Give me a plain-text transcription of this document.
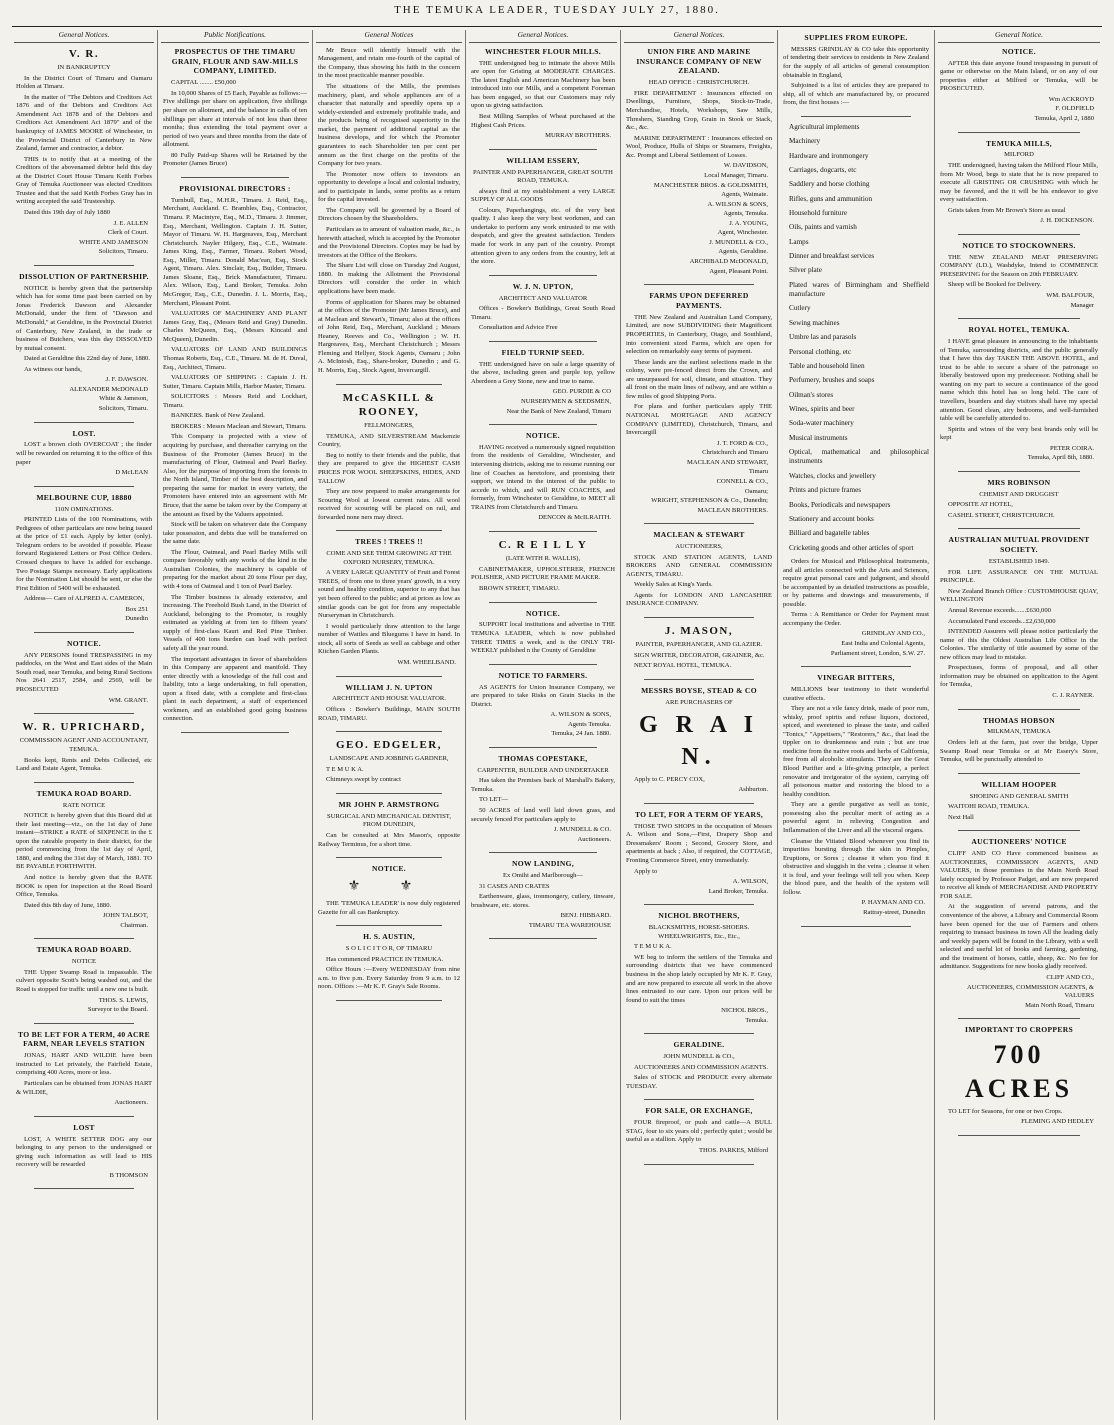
THE TEMUKA LEADER, TUESDAY JULY 27, 1880.
General Notices.
V. R.
IN BANKRUPTCY
In the District Court of Timaru and Oamaru Holden at Timaru.
In the matter of "The Debtors and Creditors Act 1876 and of the Debtors and Creditors Act Amendment Act 1878 and of the Debtors and Creditors Act Amendment Act 1879" and of the bankruptcy of JAMES MOORE of Winchester, in the Provincial District of Canterbury in New Zealand, farmer and contractor, a debtor.
THIS is to notify that at a meeting of the Creditors of the abovenamed debtor held this day at the District Court House Timaru Keith Forbes Gray of Temuka Auctioneer was elected Creditors Trustee and that the said Keith Forbes Gray has in writing accepted the said Trusteeship.
Dated this 19th day of July 1880
J. E. ALLEN
Clerk of Court.
WHITE AND JAMESON
Solicitors, Timaru.
DISSOLUTION OF PARTNERSHIP.
NOTICE is hereby given that the partnership which has for some time past been carried on by Jonas Frederick Dawson and Alexander McDonald, under the firm of "Dawson and McDonald," at Geraldine, in the Provincial District of Canterbury, New Zealand, in the trade or business of Butchers, was this day DISSOLVED by mutual consent.
Dated at Geraldine this 22nd day of June, 1880.
As witness our hands,
J. F. DAWSON.
ALEXANDER McDONALD
White & Jameson,
Solicitors, Timaru.
LOST.
LOST a brown cloth OVERCOAT ; the finder will be rewarded on returning it to the office of this paper
D McLEAN
MELBOURNE CUP, 18880
110N OMINATIONS.
PRINTED Lists of the 100 Nominations, with Pedigrees of other particulars are now being issued at the price of £1 each. Apply by letter (only). Telegram orders to be avoided if possible. Please forward Registered Letters or Post Office Orders. Crossed cheques to have 1s added for exchange. Two Postage Stamps necessary. Early applications for the Nomination List should be sent, or else the First Edition of 5400 will be exhausted.
Address— Care of ALFRED A. CAMERON,
Box 251
Dunedin
NOTICE.
ANY PERSONS found TRESPASSING in my paddocks, on the West and East sides of the Main South road, near Temuka, and being Rural Sections Nos 2641 2517, 2584, and 2569, will be PROSECUTED
WM. GRANT.
W. R. UPRICHARD,
COMMISSION AGENT AND ACCOUNTANT, TEMUKA.
Books kept, Rents and Debts Collected, etc Land and Estate Agent, Temuka.
TEMUKA ROAD BOARD.
RATE NOTICE
NOTICE is hereby given that this Board did at their last meeting—viz., on the 1st day of June instant—STRIKE a RATE of SIXPENCE in the £ upon the rateable property in their district, for the period commencing from the 1st day of April, 1880, and ending the 31st day of March, 1881. TO BE PAYABLE FORTHWITH.
And notice is hereby given that the RATE BOOK is open for inspection at the Road Board Office, Temuka.
Dated this 8th day of June, 1880.
JOHN TALBOT,
Chairman.
TEMUKA ROAD BOARD.
NOTICE
THE Upper Swamp Road is impassable. The culvert opposite Scott's being washed out, and the Road is stopped for traffic until a new one is built.
THOS. S. LEWIS,
Surveyor to the Board.
TO BE LET FOR A TERM, 40 ACRE FARM, NEAR LEVELS STATION
JONAS, HART AND WILDIE have been instructed to Let privately, the Fairfield Estate, comprising 400 Acres, more or less.
Particulars can be obtained from JONAS HART & WILDIE,
Auctioneers.
LOST
LOST, A WHITE SETTER DOG any our belonging to any person to the undersigned or giving such information as will lead to HIS recovery will be rewarded
B THOMSON
Public Notifications.
PROSPECTUS OF THE TIMARU GRAIN, FLOUR AND SAW-MILLS COMPANY, LIMITED.
CAPITAL ........ £50,000
In 10,000 Shares of £5 Each, Payable as follows:—Five shillings per share on application, five shillings per share on allotment, and the balance in calls of ten shillings per share at intervals of not less than three months; thus extending the total payment over a period of two years and three months from the date of allotment.
80 Fully Paid-up Shares will be Retained by the Promoter (James Bruce)
PROVISIONAL DIRECTORS :
Turnbull, Esq., M.H.R., Timaru. J. Reid, Esq., Merchant, Auckland. C. Brambles, Esq., Contractor, Timaru. P. Macintyre, Esq., M.D., Timaru. J. Jimmer, Esq., Merchant, Wellington. Captain J. H. Sutter, Mayor of Timaru. W. H. Hargreaves, Esq., Merchant Christchurch. Nayler Hilgery, Esq., C.E., Waimate. James King, Esq., Farmer, Timaru. Robert Wood, Esq., Miller, Timaru. Donald Mac'ean, Esq., Stock Agent, Timaru. Alex. Sinclair, Esq., Builder, Timaru. James Sloane, Esq., Brick Manufacturer, Timaru. Alex. Wilson, Esq., Land Broker, Temuka. John McGregor, Esq., C.E., Dunedin. J. L. Morris, Esq., Merchant, Pleasant Point.
VALUATORS OF MACHINERY AND PLANT James Gray, Esq., (Messrs Reid and Gray) Dunedin. Charles McQueen, Esq., (Messrs Kincaid and McQueen), Dunedin.
VALUATORS OF LAND AND BUILDINGS Thomas Roberts, Esq., C.E., Timaru. M. de H. Duval, Esq., Architect, Timaru.
VALUATORS OF SHIPPING : Captain J. H. Sutter, Timaru. Captain Mills, Harbor Master, Timaru.
SOLICITORS : Messrs Reid and Lockhart, Timaru.
BANKERS. Bank of New Zealand.
BROKERS : Messrs Maclean and Stewart, Timaru.
This Company is projected with a view of acquiring by purchase, and thereafter carrying on the Business of the Promoter (James Bruce) in the manufacturing of Flour, Oatmeal and Pearl Barley. Also, for the purpose of importing from the forests in the North Island, Timber of the best description, and preparing the same for market in every variety, the Promoters have entered into an agreement with Mr Bruce, that the same be taken over by the Company at the amount as fixed by the Valuers appointed.
Stock will be taken on whatever date the Company take possession, and debts due will be transferred on the same date.
The Flour, Oatmeal, and Pearl Barley Mills will compare favorably with any works of the kind in the Australian Colonies, the machinery is capable of preparing for the market about 20 tons Flour per day, with 4 tons of Oatmeal and 1 ton of Pearl Barley.
The Timber business is already extensive, and increasing. The Freehold Bush Land, in the District of Auckland, belonging to the Promoter, is roughly estimated as yielding at from ten to fifteen years' supply of first-class Kauri and Red Pine Timber. Vessels of 400 tons burden can load with perfect safety all the year round.
The important advantages in favor of shareholders in this Company are apparent and manifold. They enter directly with a knowledge of the full cost and liability, into a large undertaking, in full operation, upon a fixed date, with a complete and first-class plant in each department, a staff of experienced workmen, and an established good going business connection.
General Notices
Mr Bruce will identify himself with the Management, and retain one-fourth of the capital of the Company, thus showing his faith in the concern in the most practicable manner possible.
The situations of the Mills, the premises machinery, plant, and whole appliances are of a character that naturally and speedily opens up a widely-extended and extremely profitable trade, and the products being of recognised superiority in the market, the payment of additional capital as the business develops, and for which the Promoter guarantees to each Shareholder ten per cent per annum as the first charge on the profits of the Company for two years.
The Promoter now offers to investors an opportunity to develope a local and colonial industry, and to participate in lands, some profits as a return for the capital invested.
The Company will be governed by a Board of Directors chosen by the Shareholders.
Particulars as to amount of valuation made, &c., is herewith attached, which is accepted by the Promoter and the Provisional Directors. Copies may be had by investors at the Office of the Brokers.
The Share List will close on Tuesday 2nd August, 1880. In making the Allotment the Provisional Directors will consider the order in which applications have been made.
Forms of application for Shares may be obtained at the offices of the Promoter (Mr James Bruce), and at Maclean and Stewart's, Timaru; also at the offices of John Reid, Esq., Merchant, Auckland ; Messrs Heaney, Reeves and Co., Wellington ; W. H. Hargreaves, Esq., Merchant Christchurch ; Messrs Fleming and Hellyer, Stock Agents, Oamaru ; John A. McIntosh, Esq., Share-broker, Dunedin ; and G. H. Morris, Esq., Stock Agent, Invercargill.
McCASKILL & ROONEY,
FELLMONGERS,
TEMUKA, AND SILVERSTREAM Mackenzie Country,
Beg to notify to their friends and the public, that they are prepared to give the HIGHEST CASH PRICES FOR WOOL SHEEPSKINS, HIDES, AND TALLOW
They are now prepared to make arrangements for Scouring Wool at lowest current rates. All wool received for scouring will be placed on rail, and forwarded none ners may direct.
TREES ! TREES !!
COME AND SEE THEM GROWING AT THE OXFORD NURSERY, TEMUKA.
A VERY LARGE QUANTITY of Fruit and Forest TREES, of from one to three years' growth, in a very sound and healthy condition, superior to any that has yet been offered to the public; and at prices as low as similar goods can be got for from any respectable Nurseryman in Christchurch.
I would particularly draw attention to the large number of Wattles and Bluegums I have in hand. In stock, all sorts of Seeds as well as cabbage and other Kitchen Garden Plants.
WM. WHEELBAND.
WILLIAM J. N. UPTON
ARCHITECT AND HOUSE VALUATOR.
Offices : Bowker's Buildings, MAIN SOUTH ROAD, TIMARU.
GEO. EDGELER,
LANDSCAPE AND JOBBING GARDNER,
T E M U K A.
Chimneys swept by contract
MR JOHN P. ARMSTRONG
SURGICAL AND MECHANICAL DENTIST, FROM DUNEDIN,
Can be consulted at Mrs Mason's, opposite Railway Terminus, for a short time.
NOTICE.
⚜ ⚜
THE 'TEMUKA LEADER' is now duly registered Gazette for all cas Bankruptcy.
H. S. AUSTIN,
S O L I C I T O R, OF TIMARU
Has commenced PRACTICE IN TEMUKA.
Office Hours :—Every WEDNESDAY from nine a.m. to five p.m. Every Saturday from 9 a.m. to 12 noon. Offices :—Mr K. F. Gray's Sale Rooms.
General Notices.
WINCHESTER FLOUR MILLS.
THE undersigned beg to intimate the above Mills are open for Gristing at MODERATE CHARGES. The latest English and American Machinery has been introduced into our Mills, and a competent Foreman has been engaged, so that our Customers may rely upon us giving satisfaction.
Best Milling Samples of Wheat purchased at the Highest Cash Prices.
MURRAY BROTHERS.
WILLIAM ESSERY,
PAINTER AND PAPERHANGER, GREAT SOUTH ROAD, TEMUKA.
always find at my establishment a very LARGE SUPPLY OF ALL GOODS
Colours, Paperhangings, etc. of the very best quality. I also keep the very best workmen, and can undertake to perform any work entrusted to me with despatch, and give the greatest satisfaction. Tenders made for work in any part of the country. Prompt attention given to any orders from the country, left at the store.
W. J. N. UPTON,
ARCHITECT AND VALUATOR
Offices - Bowker's Buildings, Great South Road Timaru.
Consultation and Advice Free
FIELD TURNIP SEED.
THE undersigned have on sale a large quantity of the above, including green and purple top, yellow Aberdeen a Grey Stone, new and true to name.
GEO. PURDIE & CO
NURSERYMEN & SEEDSMEN,
Near the Bank of New Zealand, Timaru
NOTICE.
HAVING received a numerously signed requisition from the residents of Geraldine, Winchester, and intervening districts, asking me to resume running our line of Coaches as heretofore, and promising their support, we intend in the interest of the public to accede to which, and will RUN COACHES, and formerly, from Winchester to Geraldine, to MEET all TRAINS from Christchurch and Timaru.
DENCON & McILRAITH.
C. R E I L L Y
(LATE WITH R. WALLIS),
CABINETMAKER, UPHOLSTERER, FRENCH POLISHER, AND PICTURE FRAME MAKER.
BROWN STREET, TIMARU.
NOTICE.
SUPPORT local institutions and advertise in THE TEMUKA LEADER, which is now published THREE TIMES a week, and is the ONLY TRI-WEEKLY published n the County of Geraldine
NOTICE TO FARMERS.
AS AGENTS for Union Insurance Company, we are prepared to take Risks on Grain Stacks in the District.
A. WILSON & SONS,
Agents Temuka.
Temuka, 24 Jan. 1880.
THOMAS COPESTAKE,
CARPENTER, BUILDER AND UNDERTAKER
Has taken the Premises back of Marshall's Bakery, Temuka.
TO LET—
50 ACRES of land well laid down grass, and securely fenced For particulars apply to
J. MUNDELL & CO.
Auctioneers.
NOW LANDING,
Ex Omihi and Marlborough—
31 CASES AND CRATES
Earthenware, glass, ironmongery, cutlery, tinware, brushware, etc. stores.
BENJ. HIBBARD.
TIMARU TEA WAREHOUSE
General Notices.
UNION FIRE AND MARINE INSURANCE COMPANY OF NEW ZEALAND.
HEAD OFFICE : CHRISTCHURCH.
FIRE DEPARTMENT : Insurances effected on Dwellings, Furniture, Shops, Stock-in-Trade, Merchandise, Hotels, Workshops, Saw Mills, Threshers, Standing Crop, Grain in Stook or Stack, &c., &c.
MARINE DEPARTMENT : Insurances effected on Wool, Produce, Hulls of Ships or Steamers, Freights, &c. Prompt and Liberal Settlement of Losses.
W. DAVIDSON,
Local Manager, Timaru.
MANCHESTER BROS. & GOLDSMITH,
Agents, Waimate.
A. WILSON & SONS,
Agents, Temuka.
J. A. YOUNG,
Agent, Winchester.
J. MUNDELL & CO.,
Agents, Geraldine.
ARCHIBALD McDONALD,
Agent, Pleasant Point.
FARMS UPON DEFERRED PAYMENTS.
THE New Zealand and Australian Land Company, Limited, are now SUBDIVIDING their Magnificent PROPERTIES, in Canterbury, Otago, and Southland, into convenient sized Farms, which are open for selection on remarkably easy terms of payment.
These lands are the earliest selections made in the colony, were pre-fenced direct from the Crown, and are unsurpassed for soil, climate, and situation. They all front on the main lines of railway, and are within a few miles of good Shipping Ports.
For plans and further particulars apply THE NATIONAL MORTGAGE AND AGENCY COMPANY (LIMITED), Christchurch, Timaru, and Invercargill
J. T. FORD & CO.,
Christchurch and Timaru
MACLEAN AND STEWART,
Timaru
CONNELL & CO.,
Oamaru;
WRIGHT, STEPHENSON & Co., Dunedin;
MACLEAN BROTHERS.
MACLEAN & STEWART
AUCTIONEERS,
STOCK AND STATION AGENTS, LAND BROKERS AND GENERAL COMMISSION AGENTS, TIMARU.
Weekly Sales at King's Yards.
Agents for LONDON AND LANCASHIRE INSURANCE COMPANY.
J. MASON,
PAINTER, PAPERHANGER, AND GLAZIER.
SIGN WRITER, DECORATOR, GRAINER, &c.
NEXT ROYAL HOTEL, TEMUKA.
MESSRS BOYSE, STEAD & CO
ARE PURCHASERS OF
G R A I N.
Apply to C. PERCY COX,
Ashburton.
TO LET, FOR A TERM OF YEARS,
THOSE TWO SHOPS in the occupation of Messrs A. Wilson and Sons,—First, Drapery Shop and Dressmakers' Room ; Second, Grocery Store, and apartments at back ; Also, if required, the COTTAGE, Fronting Commerce Street, entry immediately.
Apply to
A. WILSON,
Land Broker, Temuka.
NICHOL BROTHERS,
BLACKSMITHS, HORSE-SHOERS. WHEELWRIGHTS, Etc., Etc.,
T E M U K A.
WE beg to inform the settlers of the Temuka and surrounding districts that we have commenced business in the shop lately occupied by Mr K. F. Gray, and are now prepared to execute all work in the above lines entrusted to our care. Upon our prices will be found to suit the times
NICHOL BROS.,
Temuka.
GERALDINE.
JOHN MUNDELL & CO.,
AUCTIONEERS AND COMMISSION AGENTS.
Sales of STOCK and PRODUCE every alternate TUESDAY.
FOR SALE, OR EXCHANGE,
FOUR fireproof, or push and cattle—A BULL STAG, four to six years old ; perfectly quiet ; would be useful as a stallion. Apply to
THOS. PARKES, Milford
SUPPLIES FROM EUROPE.
MESSRS GRINDLAY & CO take this opportunity of tendering their services to residents in New Zealand for the supply of all articles of general consumption obtainable in England,
Subjoined is a list of articles they are prepared to ship, all of which are manufactured by, or procured from, the first houses :—
Agricultural implements
Machinery
Hardware and ironmongery
Carriages, dogcarts, etc
Saddlery and horse clothing
Rifles, guns and ammunition
Household furniture
Oils, paints and varnish
Lamps
Dinner and breakfast services
Silver plate
Plated wares of Birmingham and Sheffield manufacture
Cutlery
Sewing machines
Umbre las and parasols
Personal clothing, etc
Table and household linen
Perfumery, brushes and soaps
Oilman's stores
Wines, spirits and beer
Soda-water machinery
Musical instruments
Optical, mathematical and philosophical instruments
Watches, clocks and jewellery
Prints and picture frames
Books, Periodicals and newspapers
Stationery and account books
Billiard and bagatelle tables
Cricketing goods and other articles of sport
Orders for Musical and Philosophical Instruments, and all articles connected with the Arts and Sciences, require great personal care and judgment, and should be accompanied by as detailed instructions as possible, or by patterns and drawings and measurements, if possible.
Terms : A Remittance or Order for Payment must accompany the Order.
GRINDLAY AND CO.,
East India and Colonial Agents,
Parliament street, London, S.W. 27.
VINEGAR BITTERS,
MILLIONS bear testimony to their wonderful curative effects.
They are not a vile fancy drink, made of poor rum, whisky, proof spirits and refuse liquors, doctored, spiced, and sweetened to please the taste, and called "Tonics," "Appetisers," "Restorers," &c., that lead the tippler on to drunkenness and ruin ; but are true medicine from the native roots and herbs of California, free from all alcoholic stimulants. They are the Great Blood Purifier and a life-giving principle, a perfect renovator and invigorator of the system, carrying off all poisonous matter and restoring the blood to a healthy condition.
They are a gentle purgative as well as tonic, possessing also the peculiar merit of acting as a powerful agent in relieving Congestion and Inflammation of the Liver and all the visceral organs.
Cleanse the Vitiated Blood whenever you find its impurities bursting through the skin in Pimples, Eruptions, or Sores ; cleanse it when you find it obstructive and sluggish in the veins ; cleanse it when it is foul, and your feelings will tell you when. Keep the blood pure, and the health of the system will follow.
P. HAYMAN AND CO.
Rattray-street, Dunedin
General Notice.
NOTICE.
AFTER this date anyone found trespassing in pursuit of game or otherwise on the Main Island, or on any of our properties either at Milford or Temuka, will be PROSECUTED.
Wm ACKROYD
F. OLDFIELD
Temuka, April 2, 1880
TEMUKA MILLS,
MILFORD
THE undersigned, having taken the Milford Flour Mills, from Mr Wood, begs to state that he is now prepared to execute all GRISTING OR CRUSHING with which he may be favored, and the it will be his endeavor to give every satisfaction.
Grists taken from Mr Brown's Store as usual
J. H. DICKENSON.
NOTICE TO STOCKOWNERS.
THE NEW ZEALAND MEAT PRESERVING COMPANY (LD.), Washdyke, Intend to COMMENCE PRESERVING for the Season on 20th FEBRUARY.
Sheep will be Booked for Delivery.
WM. BALFOUR,
Manager
ROYAL HOTEL, TEMUKA.
I HAVE great pleasure in announcing to the inhabitants of Temuka, surrounding districts, and the public generally that I have this day TAKEN THE ABOVE HOTEL, and trust to be able to secure a share of the patronage so liberally bestowed upon my predecessor. Nothing shall be wanting on my part to secure a continuance of the good name which this hotel has so long held. The care of travellers, boarders and day visitors shall have my special attention. Good clean, airy bedrooms, and well-furnished table will be carefully attended to.
Spirits and wines of the very best brands only will be kept
PETER COIRA.
Temuka, April 8th, 1880.
MRS ROBINSON
CHEMIST AND DRUGGIST
OPPOSITE AT HOTEL,
CASHEL STREET, CHRISTCHURCH.
AUSTRALIAN MUTUAL PROVIDENT SOCIETY.
ESTABLISHED 1849.
FOR LIFE ASSURANCE ON THE MUTUAL PRINCIPLE.
New Zealand Branch Office : CUSTOMHOUSE QUAY, WELLINGTON
Annual Revenue exceeds.......£630,000
Accumulated Fund exceeds...£2,630,000
INTENDED Assurers will please notice particularly the name of this the Oldest Australian Life Office in the Colonies. The similarity of title assumed by some of the new offices may lead to mistake.
Prospectuses, forms of proposal, and all other information may be obtained on application to the Agent for Temuka,
C. J. RAYNER.
THOMAS HOBSON
MILKMAN, TEMUKA
Orders left at the farm, just over the bridge, Upper Swamp Road near Temuka or at Mr Essery's Store, Temuka, will be punctually attended to
WILLIAM HOOPER
SHOEING AND GENERAL SMITH
WAITOHI ROAD, TEMUKA.
Next Hall
AUCTIONEERS' NOTICE
CLIFF AND CO Have commenced business as AUCTIONEERS, COMMISSION AGENTS, AND VALUERS, in those premises in the Main North Road lately occupied by Professor Padget, and are now prepared to receive all kinds of MERCHANDISE AND PROPERTY FOR SALE.
At the suggestion of several patrons, and the convenience of the above, a Library and Commercial Room have been opened for the use of Farmers and others requiring to transact business in town All the leading daily and weekly papers will be found in the Library, with a well selected and useful lot of books and farming, gardening, and the treatment of horses, cattle, sheep, &c. No fee for admittance. Suggestions for new books gladly received.
CLIFF AND CO.,
AUCTIONEERS, COMMISSION AGENTS, & VALUERS
Main North Road, Timaru
IMPORTANT TO CROPPERS
700 ACRES
TO LET for Seasons, for one or two Crops.
FLEMING AND HEDLEY
